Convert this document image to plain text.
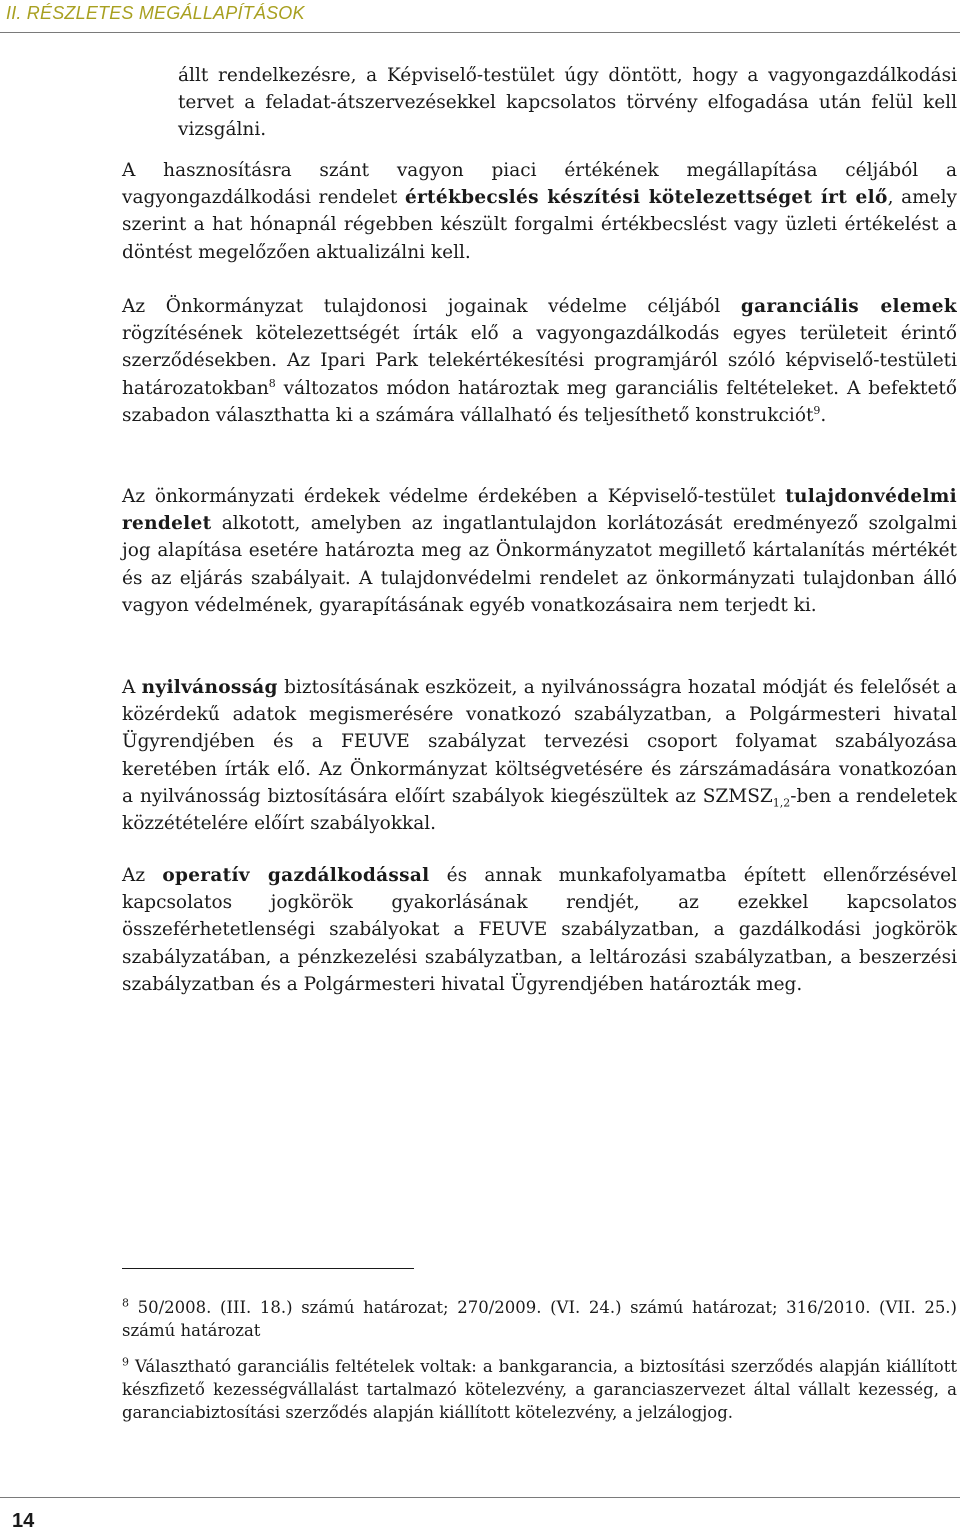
II. RÉSZLETES MEGÁLLAPÍTÁSOK

állt rendelkezésre, a Képviselő-testület úgy döntött, hogy a vagyongazdálkodási tervet a feladat-átszervezésekkel kapcsolatos törvény elfogadása után felül kell vizsgálni.

A hasznosításra szánt vagyon piaci értékének megállapítása céljából a vagyongazdálkodási rendelet értékbecslés készítési kötelezettséget írt elő, amely szerint a hat hónapnál régebben készült forgalmi értékbecslést vagy üzleti értékelést a döntést megelőzően aktualizálni kell.

Az Önkormányzat tulajdonosi jogainak védelme céljából garanciális elemek rögzítésének kötelezettségét írták elő a vagyongazdálkodás egyes területeit érintő szerződésekben. Az Ipari Park telekértékesítési programjáról szóló képviselő-testületi határozatokban$^8$ változatos módon határoztak meg garanciális feltételeket. A befektető szabadon választhatta ki a számára vállalható és teljesíthető konstrukciót$^9$.

Az önkormányzati érdekek védelme érdekében a Képviselő-testület tulajdonvédelmi rendelet alkotott, amelyben az ingatlantulajdon korlátozását eredményező szolgalmi jog alapítása esetére határozta meg az Önkormányzatot megillető kártalanítás mértékét és az eljárás szabályait. A tulajdonvédelmi rendelet az önkormányzati tulajdonban álló vagyon védelmének, gyarapításának egyéb vonatkozásaira nem terjedt ki.

A nyilvánosság biztosításának eszközeit, a nyilvánosságra hozatal módját és felelősét a közérdekű adatok megismerésére vonatkozó szabályzatban, a Polgármesteri hivatal Ügyrendjében és a FEUVE szabályzat tervezési csoport folyamat szabályozása keretében írták elő. Az Önkormányzat költségvetésére és zárszámadására vonatkozóan a nyilvánosság biztosítására előírt szabályok kiegészültek az $SZMSZ_{1,2}$-ben a rendeletek közzétételére előírt szabályokkal.

Az operatív gazdálkodással és annak munkafolyamatba épített ellenőrzésével kapcsolatos jogkörök gyakorlásának rendjét, az ezekkel kapcsolatos összeférhetetlenségi szabályokat a FEUVE szabályzatban, a gazdálkodási jogkörök szabályzatában, a pénzkezelési szabályzatban, a leltározási szabályzatban, a beszerzési szabályzatban és a Polgármesteri hivatal Ügyrendjében határozták meg.

$^8$ 50/2008. (III. 18.) számú határozat; 270/2009. (VI. 24.) számú határozat; 316/2010. (VII. 25.) számú határozat

$^9$ Választható garanciális feltételek voltak: a bankgarancia, a biztosítási szerződés alapján kiállított készfizető kezességvállalást tartalmazó kötelezvény, a garanciaszervezet által vállalt kezesség, a garanciabiztosítási szerződés alapján kiállított kötelezvény, a jelzálogjog.

14
